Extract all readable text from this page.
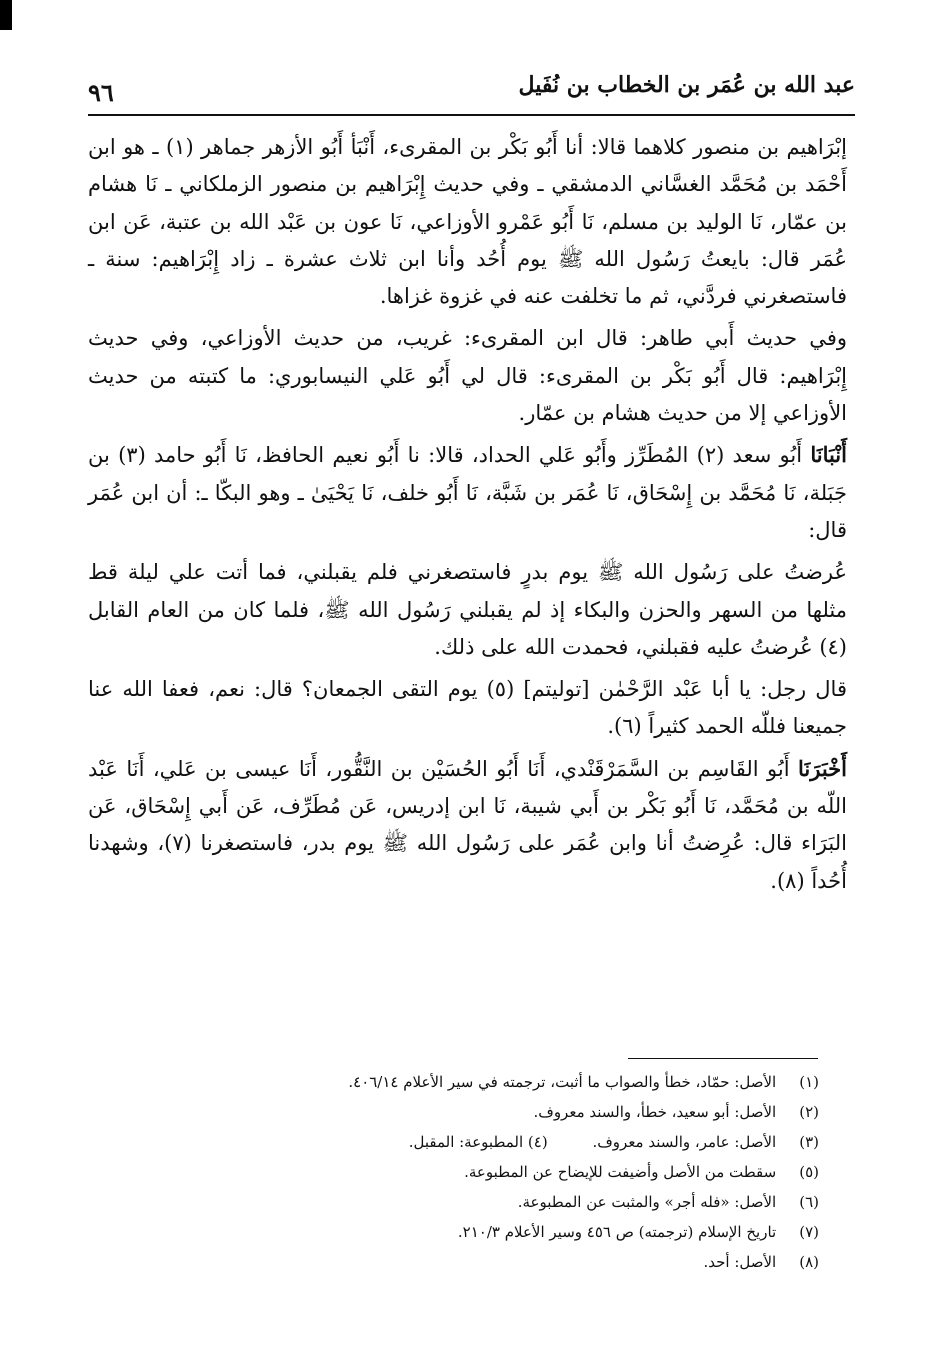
عبد الله بن عُمَر بن الخطاب بن نُفَيل
٩٦

إبْرَاهيم بن منصور كلاهما قالا: أنا أَبُو بَكْر بن المقرىء، أَنْبَأ أَبُو الأزهر جماهر (١) ـ هو ابن أَحْمَد بن مُحَمَّد الغسَّاني الدمشقي ـ وفي حديث إِبْرَاهيم بن منصور الزملكاني ـ نَا هشام بن عمّار، نَا الوليد بن مسلم، نَا أَبُو عَمْرو الأوزاعي، نَا عون بن عَبْد الله بن عتبة، عَن ابن عُمَر قال: بايعتُ رَسُول الله ﷺ يوم أُحُد وأنا ابن ثلاث عشرة ـ زاد إِبْرَاهيم: سنة ـ فاستصغرني فردَّني، ثم ما تخلفت عنه في غزوة غزاها.

وفي حديث أَبي طاهر: قال ابن المقرىء: غريب، من حديث الأوزاعي، وفي حديث إِبْرَاهيم: قال أَبُو بَكْر بن المقرىء: قال لي أَبُو عَلي النيسابوري: ما كتبته من حديث الأوزاعي إلا من حديث هشام بن عمّار.

أَنْبَانَا أَبُو سعد (٢) المُطَرِّز وأَبُو عَلي الحداد، قالا: نا أَبُو نعيم الحافظ، نَا أَبُو حامد (٣) بن جَبَلة، نَا مُحَمَّد بن إِسْحَاق، نَا عُمَر بن شَبَّة، نَا أَبُو خلف، نَا يَحْيَىٰ ـ وهو البكّا ـ: أن ابن عُمَر قال:

عُرضتُ على رَسُول الله ﷺ يوم بدرٍ فاستصغرني فلم يقبلني، فما أتت علي ليلة قط مثلها من السهر والحزن والبكاء إذ لم يقبلني رَسُول الله ﷺ، فلما كان من العام القابل (٤) عُرضتُ عليه فقبلني، فحمدت الله على ذلك.

قال رجل: يا أبا عَبْد الرَّحْمٰن [توليتم] (٥) يوم التقى الجمعان؟ قال: نعم، فعفا الله عنا جميعنا فللّه الحمد كثيراً (٦).

أَخْبَرَنَا أَبُو القَاسِم بن السَّمَرْقَنْدي، أَنَا أَبُو الحُسَيْن بن النَّقُّور، أَنَا عيسى بن عَلي، أَنَا عَبْد اللّه بن مُحَمَّد، نَا أَبُو بَكْر بن أَبي شيبة، نَا ابن إدريس، عَن مُطَرِّف، عَن أَبي إِسْحَاق، عَن البَرَاء قال: عُرِضتُ أنا وابن عُمَر على رَسُول الله ﷺ يوم بدر، فاستصغرنا (٧)، وشهدنا أُحُداً (٨).

(١) الأصل: حمّاد، خطأ والصواب ما أثبت، ترجمته في سير الأعلام ٤٠٦/١٤.
(٢) الأصل: أبو سعيد، خطأ، والسند معروف.
(٣) الأصل: عامر، والسند معروف. (٤) المطبوعة: المقبل.
(٥) سقطت من الأصل وأضيفت للإيضاح عن المطبوعة.
(٦) الأصل: «فله أجر» والمثبت عن المطبوعة.
(٧) تاريخ الإسلام (ترجمته) ص ٤٥٦ وسير الأعلام ٢١٠/٣.
(٨) الأصل: أحد.
